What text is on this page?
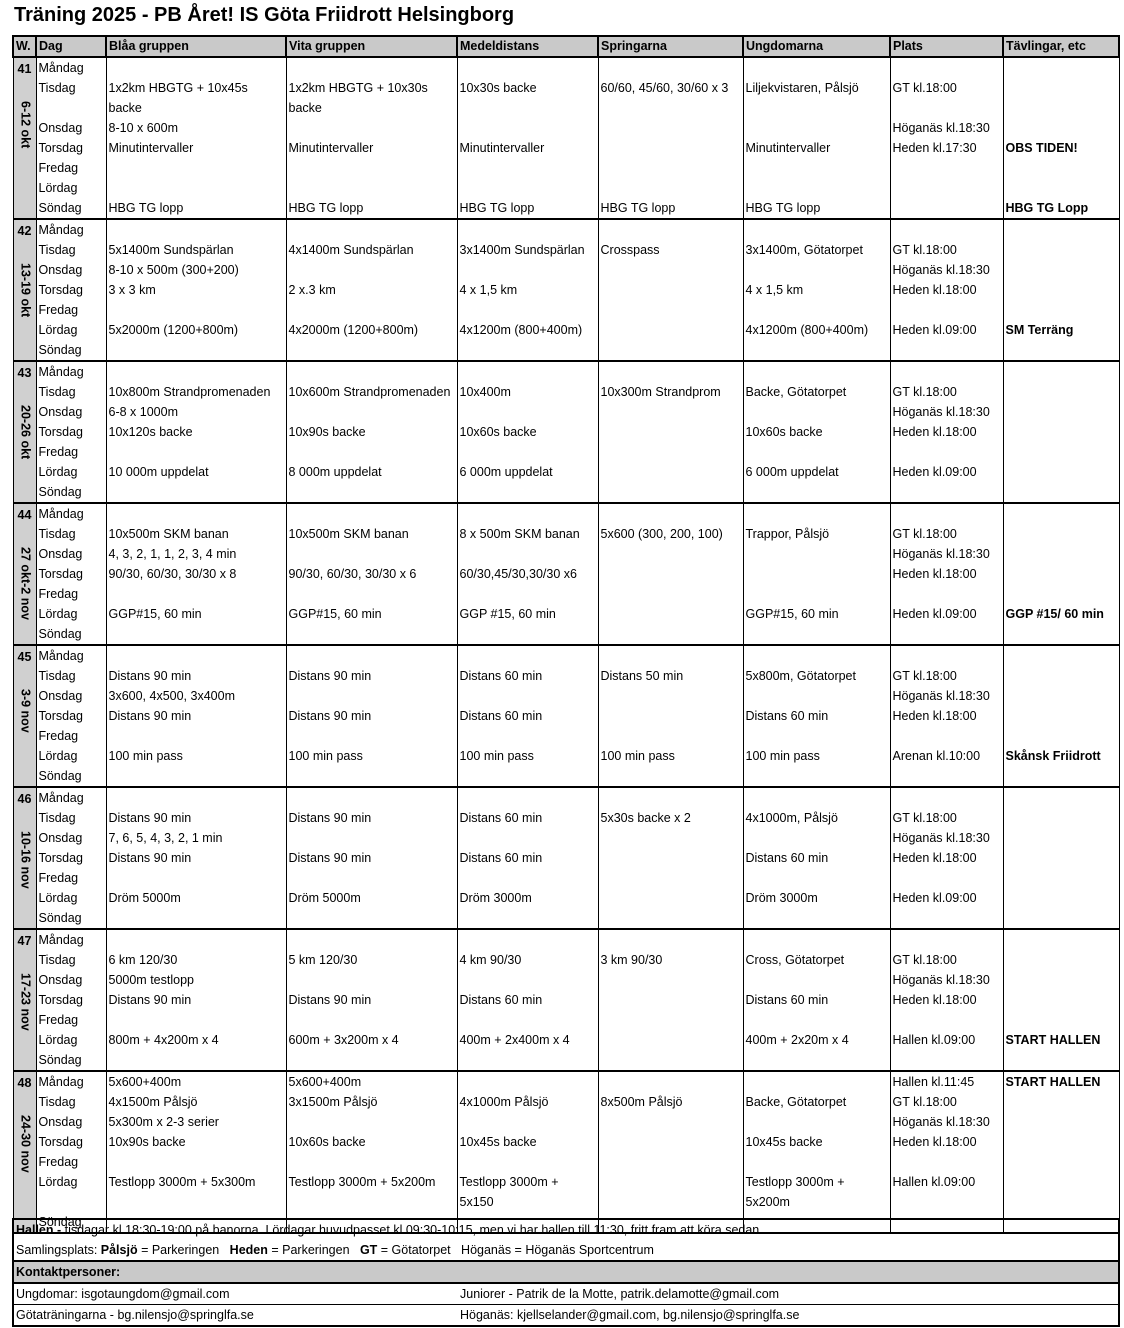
Träning 2025 - PB Året! IS Göta Friidrott Helsingborg
W.	Dag	Blåa gruppen	Vita gruppen	Medeldistans	Springarna	Ungdomarna	Plats	Tävlingar, etc

41
6-12 okt	Måndag							
	Tisdag	1x2km HBGTG + 10x45s backe	1x2km HBGTG + 10x30s backe	10x30s backe	60/60, 45/60, 30/60 x 3	Liljekvistaren, Pålsjö	GT kl.18:00	
	Onsdag	8-10 x 600m					Höganäs kl.18:30	
	Torsdag	Minutintervaller	Minutintervaller	Minutintervaller		Minutintervaller	Heden kl.17:30	OBS TIDEN!
	Fredag							
	Lördag							
	Söndag	HBG TG lopp	HBG TG lopp	HBG TG lopp	HBG TG lopp	HBG TG lopp		HBG TG Lopp

42
13-19 okt	Måndag							
	Tisdag	5x1400m Sundspärlan	4x1400m Sundspärlan	3x1400m Sundspärlan	Crosspass	3x1400m, Götatorpet	GT kl.18:00	
	Onsdag	8-10 x 500m (300+200)					Höganäs kl.18:30	
	Torsdag	3 x 3 km	2 x.3 km	4 x 1,5 km		4 x 1,5 km	Heden kl.18:00	
	Fredag							
	Lördag	5x2000m (1200+800m)	4x2000m (1200+800m)	4x1200m (800+400m)		4x1200m (800+400m)	Heden kl.09:00	SM Terräng
	Söndag							

43
20-26 okt	Måndag							
	Tisdag	10x800m Strandpromenaden	10x600m Strandpromenaden	10x400m	10x300m Strandprom	Backe, Götatorpet	GT kl.18:00	
	Onsdag	6-8 x 1000m					Höganäs kl.18:30	
	Torsdag	10x120s backe	10x90s backe	10x60s backe		10x60s backe	Heden kl.18:00	
	Fredag							
	Lördag	10 000m uppdelat	8 000m uppdelat	6 000m uppdelat		6 000m uppdelat	Heden kl.09:00	
	Söndag							

44
27 okt-2 nov	Måndag							
	Tisdag	10x500m SKM banan	10x500m SKM banan	8 x 500m SKM banan	5x600 (300, 200, 100)	Trappor, Pålsjö	GT kl.18:00	
	Onsdag	4, 3, 2, 1, 1, 2, 3, 4 min					Höganäs kl.18:30	
	Torsdag	90/30, 60/30, 30/30 x 8	90/30, 60/30, 30/30 x 6	60/30,45/30,30/30 x6			Heden kl.18:00	
	Fredag							
	Lördag	GGP#15, 60 min	GGP#15, 60 min	GGP #15, 60 min		GGP#15, 60 min	Heden kl.09:00	GGP #15/ 60 min
	Söndag							

45
3-9 nov	Måndag							
	Tisdag	Distans 90 min	Distans 90 min	Distans 60 min	Distans 50 min	5x800m, Götatorpet	GT kl.18:00	
	Onsdag	3x600, 4x500, 3x400m					Höganäs kl.18:30	
	Torsdag	Distans 90 min	Distans 90 min	Distans 60 min		Distans 60 min	Heden kl.18:00	
	Fredag							
	Lördag	100 min pass	100 min pass	100 min pass	100 min pass	100 min pass	Arenan kl.10:00	Skånsk Friidrott
	Söndag							

46
10-16 nov	Måndag							
	Tisdag	Distans 90 min	Distans 90 min	Distans 60 min	5x30s backe x 2	4x1000m, Pålsjö	GT kl.18:00	
	Onsdag	7, 6, 5, 4, 3, 2, 1 min					Höganäs kl.18:30	
	Torsdag	Distans 90 min	Distans 90 min	Distans 60 min		Distans 60 min	Heden kl.18:00	
	Fredag							
	Lördag	Dröm 5000m	Dröm 5000m	Dröm 3000m		Dröm 3000m	Heden kl.09:00	
	Söndag							

47
17-23 nov	Måndag							
	Tisdag	6 km 120/30	5 km 120/30	4 km 90/30	3 km 90/30	Cross, Götatorpet	GT kl.18:00	
	Onsdag	5000m testlopp					Höganäs kl.18:30	
	Torsdag	Distans 90 min	Distans 90 min	Distans 60 min		Distans 60 min	Heden kl.18:00	
	Fredag							
	Lördag	800m + 4x200m x 4	600m + 3x200m x 4	400m + 2x400m x 4		400m + 2x20m x 4	Hallen kl.09:00	START HALLEN
	Söndag							

48
24-30 nov	Måndag	5x600+400m	5x600+400m				Hallen kl.11:45	START HALLEN
	Tisdag	4x1500m Pålsjö	3x1500m Pålsjö	4x1000m Pålsjö	8x500m Pålsjö	Backe, Götatorpet	GT kl.18:00	
	Onsdag	5x300m x 2-3 serier					Höganäs kl.18:30	
	Torsdag	10x90s backe	10x60s backe	10x45s backe		10x45s backe	Heden kl.18:00	
	Fredag							
	Lördag	Testlopp 3000m + 5x300m	Testlopp 3000m + 5x200m	Testlopp 3000m + 5x150		Testlopp 3000m + 5x200m	Hallen kl.09:00	
	Söndag							
Hallen - tisdagar kl.18:30-19:00 på banorna. Lördagar huvudpasset kl.09:30-10:15, men vi har hallen till 11:30, fritt fram att köra sedan.
Samlingsplats: Pålsjö = Parkeringen   Heden = Parkeringen   GT = Götatorpet   Höganäs = Höganäs Sportcentrum
Kontaktpersoner:
Ungdomar: isgotaungdom@gmail.com	Juniorer - Patrik de la Motte, patrik.delamotte@gmail.com
Götaträningarna - bg.nilensjo@springlfa.se	Höganäs: kjellselander@gmail.com, bg.nilensjo@springlfa.se
